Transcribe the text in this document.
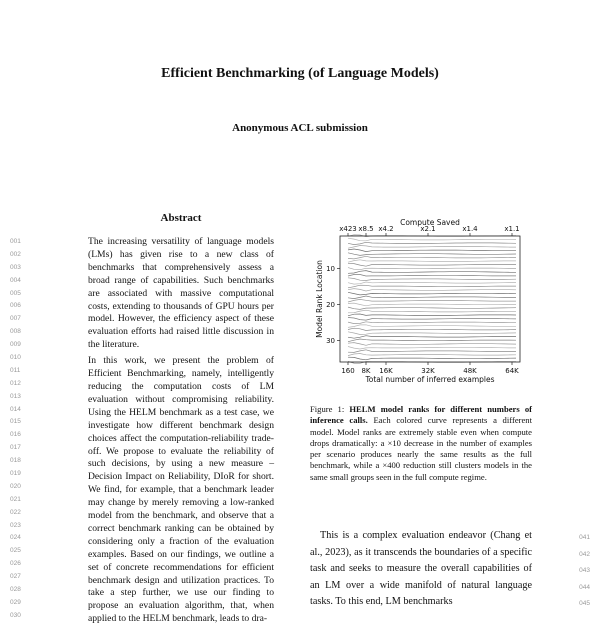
Efficient Benchmarking (of Language Models)
Anonymous ACL submission
Abstract
001
002
003
004
005
006
007
008
009
010
011
012
013
014
015
016
017
018
019
020
021
022
023
024
025
026
027
028
029
030

The increasing versatility of language models (LMs) has given rise to a new class of benchmarks that comprehensively assess a broad range of capabilities. Such benchmarks are associated with massive computational costs, extending to thousands of GPU hours per model. However, the efficiency aspect of these evaluation efforts had raised little discussion in the literature.

In this work, we present the problem of Efficient Benchmarking, namely, intelligently reducing the computation costs of LM evaluation without compromising reliability. Using the HELM benchmark as a test case, we investigate how different benchmark design choices affect the computation-reliability trade-off. We propose to evaluate the reliability of such decisions, by using a new measure – Decision Impact on Reliability, DIoR for short. We find, for example, that a benchmark leader may change by merely removing a low-ranked model from the benchmark, and observe that a correct benchmark ranking can be obtained by considering only a fraction of the evaluation examples. Based on our findings, we outline a set of concrete recommendations for efficient benchmark design and utilization practices. To take a step further, we use our finding to propose an evaluation algorithm, that, when applied to the HELM benchmark, leads to dra-

Compute Saved
Total number of inferred examples
Model Rank Location
160 8K 16K	32K	48K	64K
x423 x8.5 x4.2	x2.1	x1.4	x1.1
10
20
30
Figure 1: HELM model ranks for different numbers of inference calls. Each colored curve represents a different model. Model ranks are extremely stable even when compute drops dramatically: a ×10 decrease in the number of examples per scenario produces nearly the same results as the full benchmark, while a ×400 reduction still clusters models in the same small groups seen in the full compute regime.

This is a complex evaluation endeavor (Chang et al., 2023), as it transcends the boundaries of a specific task and seeks to measure the overall capabilities of an LM over a wide manifold of natural language tasks. To this end, LM benchmarks

041
042
043
044
045
